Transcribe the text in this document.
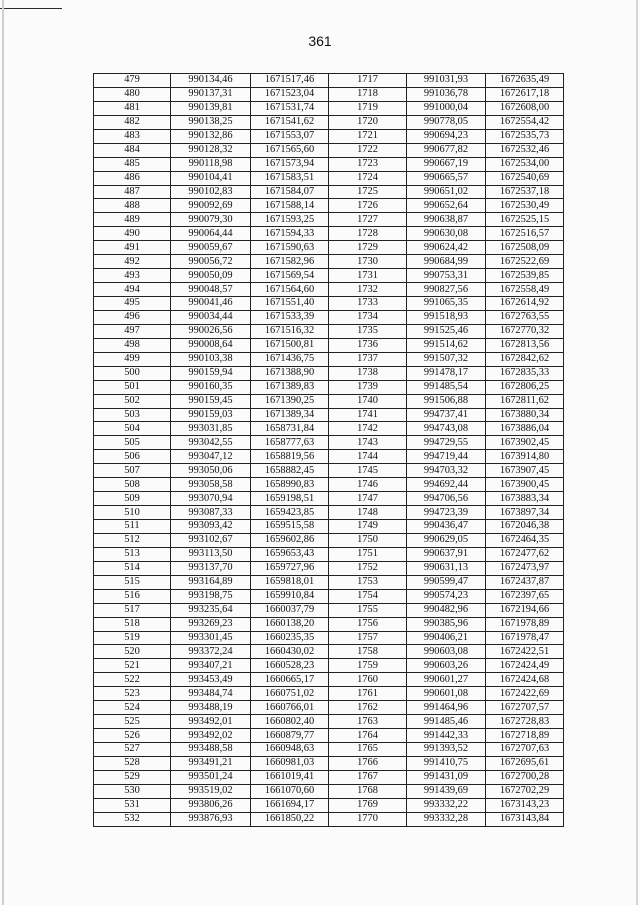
361
479	990134,46	1671517,46	1717	991031,93	1672635,49
480	990137,31	1671523,04	1718	991036,78	1672617,18
481	990139,81	1671531,74	1719	991000,04	1672608,00
482	990138,25	1671541,62	1720	990778,05	1672554,42
483	990132,86	1671553,07	1721	990694,23	1672535,73
484	990128,32	1671565,60	1722	990677,82	1672532,46
485	990118,98	1671573,94	1723	990667,19	1672534,00
486	990104,41	1671583,51	1724	990665,57	1672540,69
487	990102,83	1671584,07	1725	990651,02	1672537,18
488	990092,69	1671588,14	1726	990652,64	1672530,49
489	990079,30	1671593,25	1727	990638,87	1672525,15
490	990064,44	1671594,33	1728	990630,08	1672516,57
491	990059,67	1671590,63	1729	990624,42	1672508,09
492	990056,72	1671582,96	1730	990684,99	1672522,69
493	990050,09	1671569,54	1731	990753,31	1672539,85
494	990048,57	1671564,60	1732	990827,56	1672558,49
495	990041,46	1671551,40	1733	991065,35	1672614,92
496	990034,44	1671533,39	1734	991518,93	1672763,55
497	990026,56	1671516,32	1735	991525,46	1672770,32
498	990008,64	1671500,81	1736	991514,62	1672813,56
499	990103,38	1671436,75	1737	991507,32	1672842,62
500	990159,94	1671388,90	1738	991478,17	1672835,33
501	990160,35	1671389,83	1739	991485,54	1672806,25
502	990159,45	1671390,25	1740	991506,88	1672811,62
503	990159,03	1671389,34	1741	994737,41	1673880,34
504	993031,85	1658731,84	1742	994743,08	1673886,04
505	993042,55	1658777,63	1743	994729,55	1673902,45
506	993047,12	1658819,56	1744	994719,44	1673914,80
507	993050,06	1658882,45	1745	994703,32	1673907,45
508	993058,58	1658990,83	1746	994692,44	1673900,45
509	993070,94	1659198,51	1747	994706,56	1673883,34
510	993087,33	1659423,85	1748	994723,39	1673897,34
511	993093,42	1659515,58	1749	990436,47	1672046,38
512	993102,67	1659602,86	1750	990629,05	1672464,35
513	993113,50	1659653,43	1751	990637,91	1672477,62
514	993137,70	1659727,96	1752	990631,13	1672473,97
515	993164,89	1659818,01	1753	990599,47	1672437,87
516	993198,75	1659910,84	1754	990574,23	1672397,65
517	993235,64	1660037,79	1755	990482,96	1672194,66
518	993269,23	1660138,20	1756	990385,96	1671978,89
519	993301,45	1660235,35	1757	990406,21	1671978,47
520	993372,24	1660430,02	1758	990603,08	1672422,51
521	993407,21	1660528,23	1759	990603,26	1672424,49
522	993453,49	1660665,17	1760	990601,27	1672424,68
523	993484,74	1660751,02	1761	990601,08	1672422,69
524	993488,19	1660766,01	1762	991464,96	1672707,57
525	993492,01	1660802,40	1763	991485,46	1672728,83
526	993492,02	1660879,77	1764	991442,33	1672718,89
527	993488,58	1660948,63	1765	991393,52	1672707,63
528	993491,21	1660981,03	1766	991410,75	1672695,61
529	993501,24	1661019,41	1767	991431,09	1672700,28
530	993519,02	1661070,60	1768	991439,69	1672702,29
531	993806,26	1661694,17	1769	993332,22	1673143,23
532	993876,93	1661850,22	1770	993332,28	1673143,84
